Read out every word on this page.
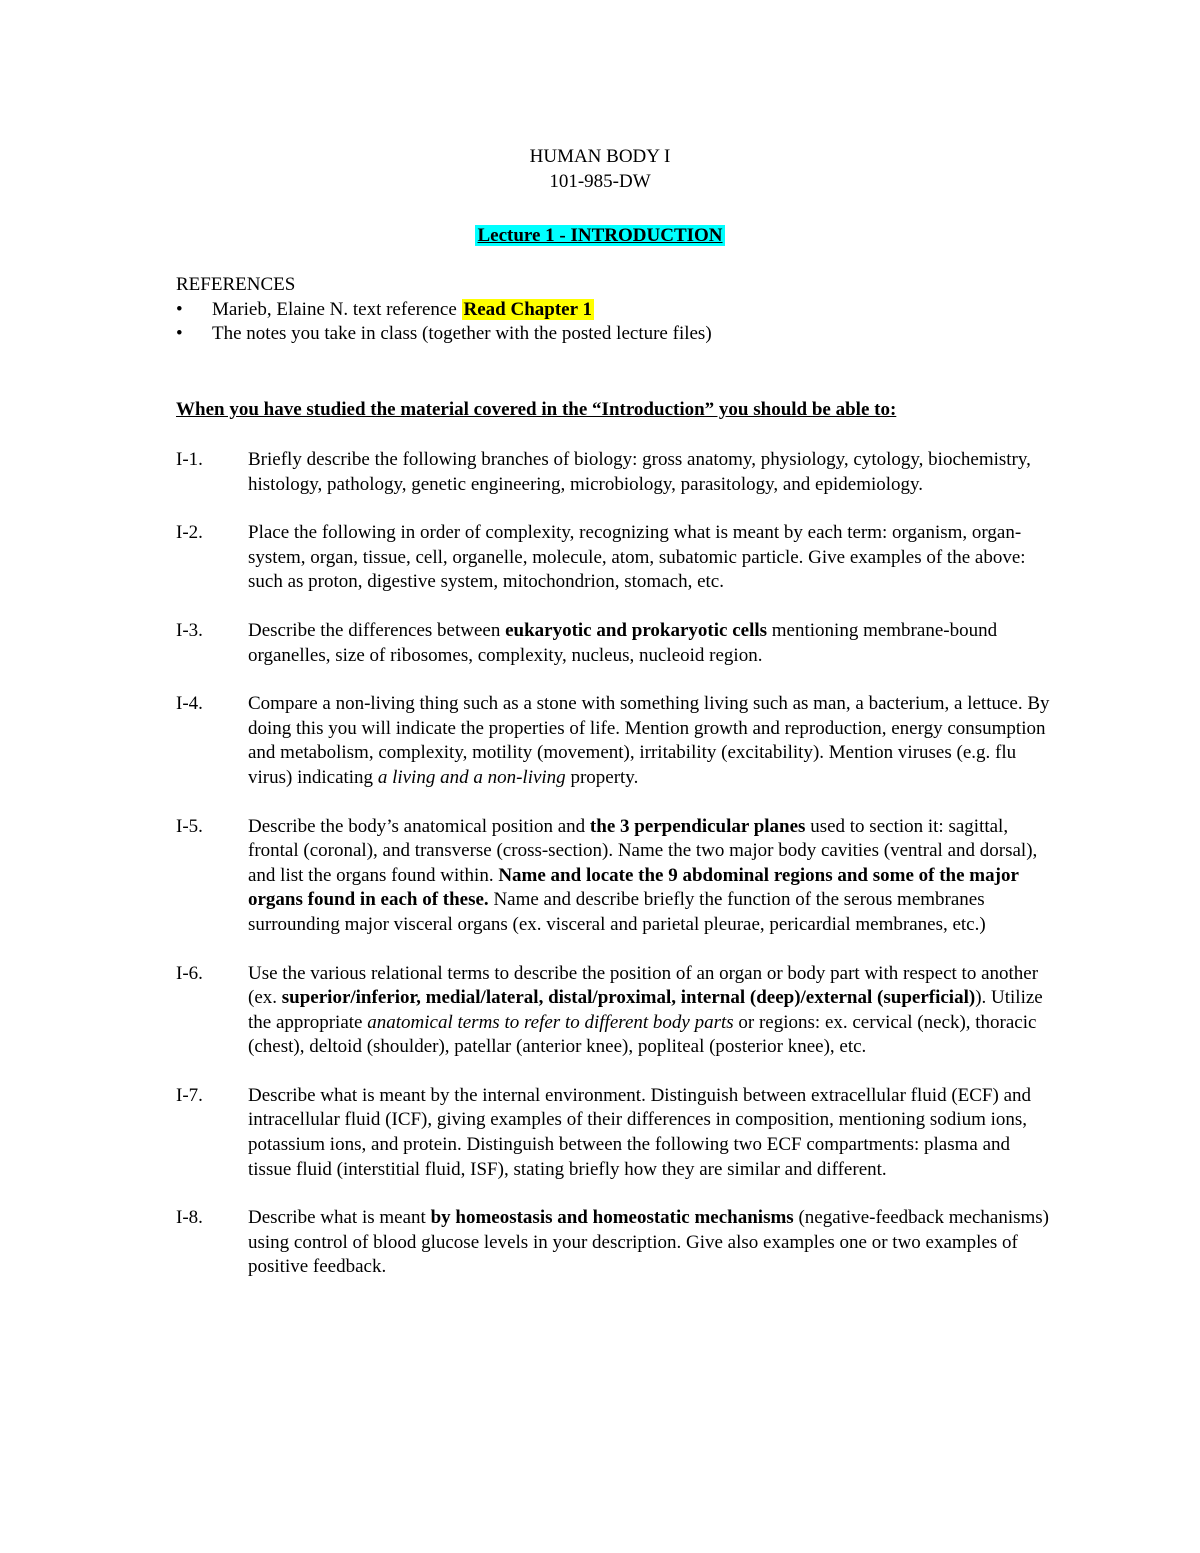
HUMAN BODY I
101-985-DW
Lecture 1 - INTRODUCTION
REFERENCES
• Marieb, Elaine N. text reference Read Chapter 1
• The notes you take in class (together with the posted lecture files)
When you have studied the material covered in the “Introduction” you should be able to:
I-1. Briefly describe the following branches of biology: gross anatomy, physiology, cytology, biochemistry, histology, pathology, genetic engineering, microbiology, parasitology, and epidemiology.
I-2. Place the following in order of complexity, recognizing what is meant by each term: organism, organ-system, organ, tissue, cell, organelle, molecule, atom, subatomic particle. Give examples of the above: such as proton, digestive system, mitochondrion, stomach, etc.
I-3. Describe the differences between eukaryotic and prokaryotic cells mentioning membrane-bound organelles, size of ribosomes, complexity, nucleus, nucleoid region.
I-4. Compare a non-living thing such as a stone with something living such as man, a bacterium, a lettuce. By doing this you will indicate the properties of life. Mention growth and reproduction, energy consumption and metabolism, complexity, motility (movement), irritability (excitability). Mention viruses (e.g. flu virus) indicating a living and a non-living property.
I-5. Describe the body’s anatomical position and the 3 perpendicular planes used to section it: sagittal, frontal (coronal), and transverse (cross-section). Name the two major body cavities (ventral and dorsal), and list the organs found within. Name and locate the 9 abdominal regions and some of the major organs found in each of these. Name and describe briefly the function of the serous membranes surrounding major visceral organs (ex. visceral and parietal pleurae, pericardial membranes, etc.)
I-6. Use the various relational terms to describe the position of an organ or body part with respect to another (ex. superior/inferior, medial/lateral, distal/proximal, internal (deep)/external (superficial)). Utilize the appropriate anatomical terms to refer to different body parts or regions: ex. cervical (neck), thoracic (chest), deltoid (shoulder), patellar (anterior knee), popliteal (posterior knee), etc.
I-7. Describe what is meant by the internal environment. Distinguish between extracellular fluid (ECF) and intracellular fluid (ICF), giving examples of their differences in composition, mentioning sodium ions, potassium ions, and protein. Distinguish between the following two ECF compartments: plasma and tissue fluid (interstitial fluid, ISF), stating briefly how they are similar and different.
I-8. Describe what is meant by homeostasis and homeostatic mechanisms (negative-feedback mechanisms) using control of blood glucose levels in your description. Give also examples one or two examples of positive feedback.
